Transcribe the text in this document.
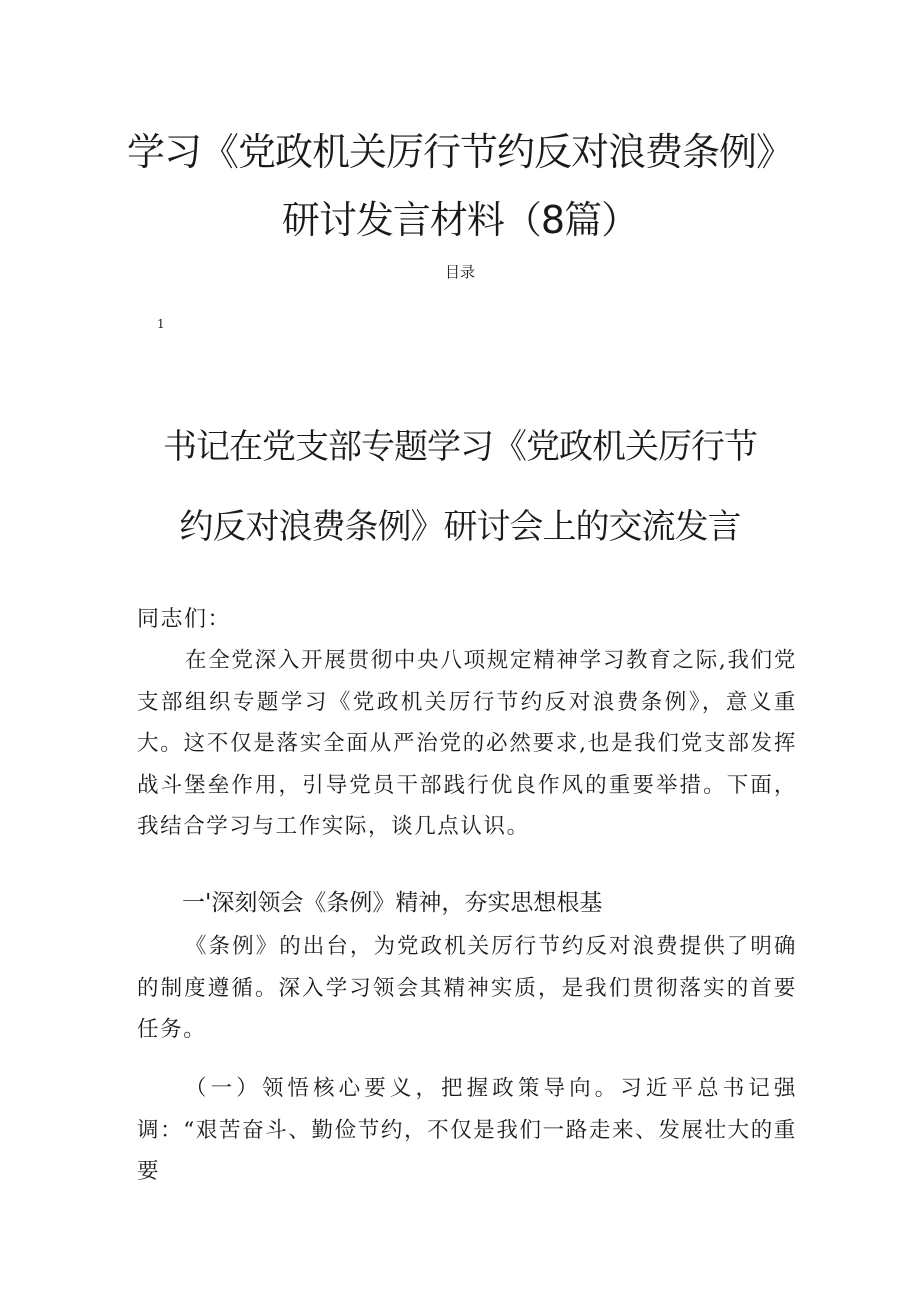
学习《党政机关厉行节约反对浪费条例》
研讨发言材料（8篇）
目录
1
书记在党支部专题学习《党政机关厉行节
约反对浪费条例》研讨会上的交流发言
同志们：

在全党深入开展贯彻中央八项规定精神学习教育之际,我们党支部组织专题学习《党政机关厉行节约反对浪费条例》，意义重大。这不仅是落实全面从严治党的必然要求,也是我们党支部发挥战斗堡垒作用，引导党员干部践行优良作风的重要举措。下面，我结合学习与工作实际，谈几点认识。

一'深刻领会《条例》精神，夯实思想根基

《条例》的出台，为党政机关厉行节约反对浪费提供了明确的制度遵循。深入学习领会其精神实质，是我们贯彻落实的首要任务。

（一）领悟核心要义，把握政策导向。习近平总书记强调：“艰苦奋斗、勤俭节约，不仅是我们一路走来、发展壮大的重要
